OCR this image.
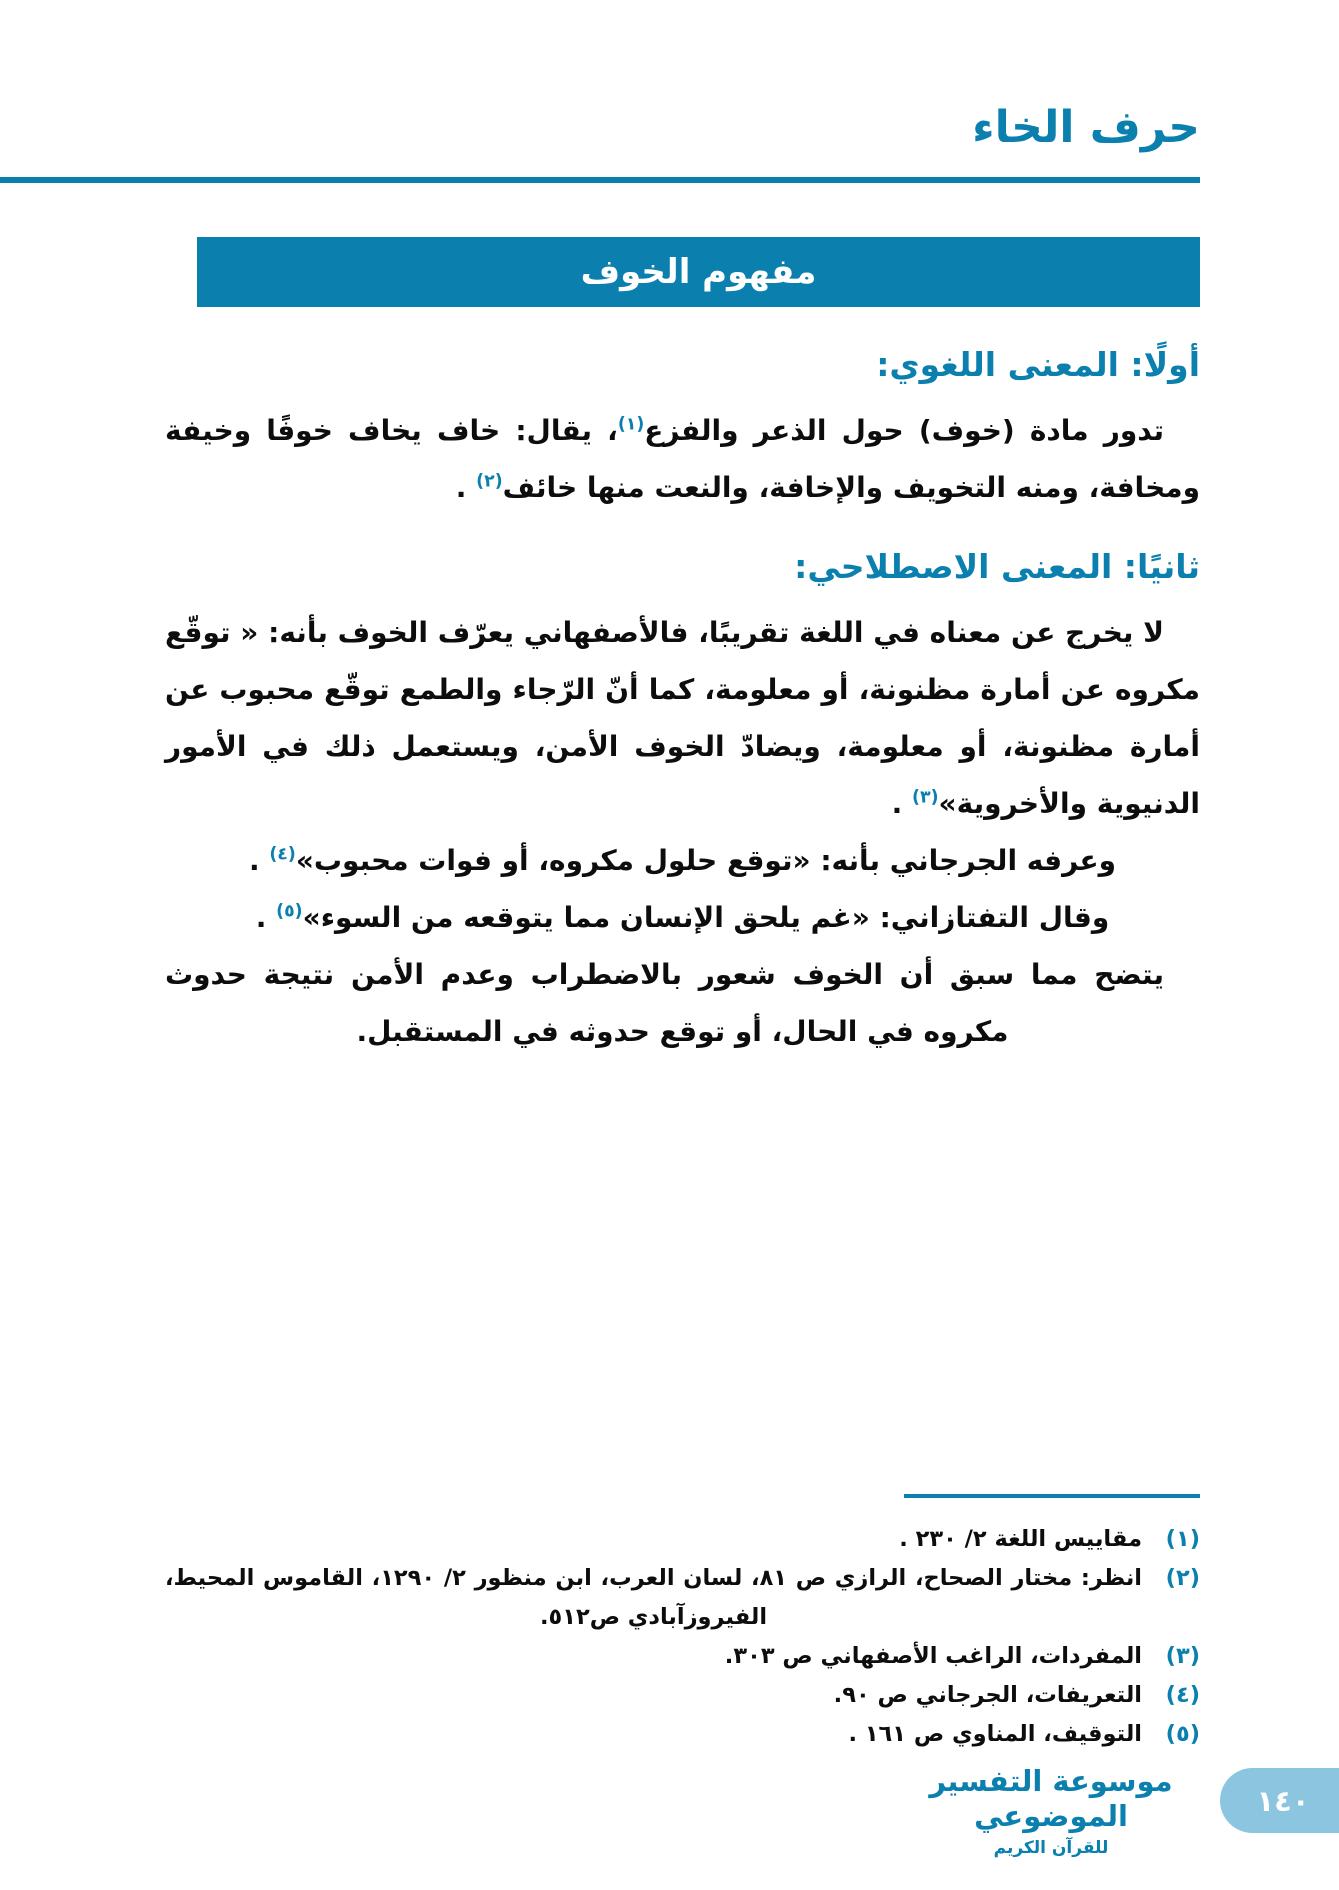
حرف الخاء
مفهوم الخوف
أولًا: المعنى اللغوي:
تدور مادة (خوف) حول الذعر والفزع$^{(١)}$، يقال: خاف يخاف خوفًا وخيفة ومخافة، ومنه التخويف والإخافة، والنعت منها خائف$^{(٢)}$ .
ثانيًا: المعنى الاصطلاحي:
لا يخرج عن معناه في اللغة تقريبًا، فالأصفهاني يعرّف الخوف بأنه: « توقّع مكروه عن أمارة مظنونة، أو معلومة، كما أنّ الرّجاء والطمع توقّع محبوب عن أمارة مظنونة، أو معلومة، ويضادّ الخوف الأمن، ويستعمل ذلك في الأمور الدنيوية والأخروية»$^{(٣)}$ .
وعرفه الجرجاني بأنه: «توقع حلول مكروه، أو فوات محبوب»$^{(٤)}$ .
وقال التفتازاني: «غم يلحق الإنسان مما يتوقعه من السوء»$^{(٥)}$ .
يتضح مما سبق أن الخوف شعور بالاضطراب وعدم الأمن نتيجة حدوث مكروه في الحال، أو توقع حدوثه في المستقبل.
(١)
مقاييس اللغة ٢/ ٢٣٠ .
(٢)
انظر: مختار الصحاح، الرازي ص ٨١، لسان العرب، ابن منظور ٢/ ١٢٩٠، القاموس المحيط، الفيروزآبادي ص٥١٢.
(٣)
المفردات، الراغب الأصفهاني ص ٣٠٣.
(٤)
التعريفات، الجرجاني ص ٩٠.
(٥)
التوقيف، المناوي ص ١٦١ .
موسوعة التفسير الموضوعي
للقرآن الكريم
١٤٠
